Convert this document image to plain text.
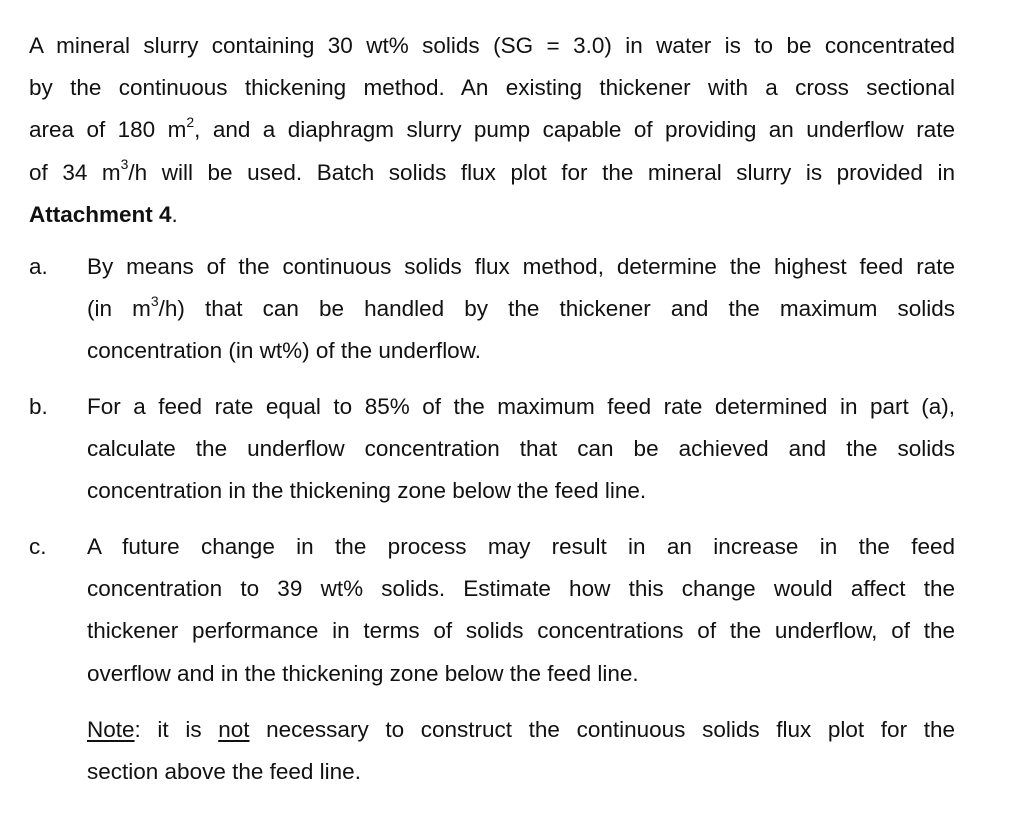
A mineral slurry containing 30 wt% solids (SG = 3.0) in water is to be concentrated
by the continuous thickening method. An existing thickener with a cross sectional
area of 180 $m^2$, and a diaphragm slurry pump capable of providing an underflow rate
of 34 $m^3/h$ will be used. Batch solids flux plot for the mineral slurry is provided in
Attachment 4.
a. By means of the continuous solids flux method, determine the highest feed rate
(in $m^3/h$) that can be handled by the thickener and the maximum solids
concentration (in wt%) of the underflow.
b. For a feed rate equal to 85% of the maximum feed rate determined in part (a),
calculate the underflow concentration that can be achieved and the solids
concentration in the thickening zone below the feed line.
c. A future change in the process may result in an increase in the feed
concentration to 39 wt% solids. Estimate how this change would affect the
thickener performance in terms of solids concentrations of the underflow, of the
overflow and in the thickening zone below the feed line.
Note: it is not necessary to construct the continuous solids flux plot for the
section above the feed line.
